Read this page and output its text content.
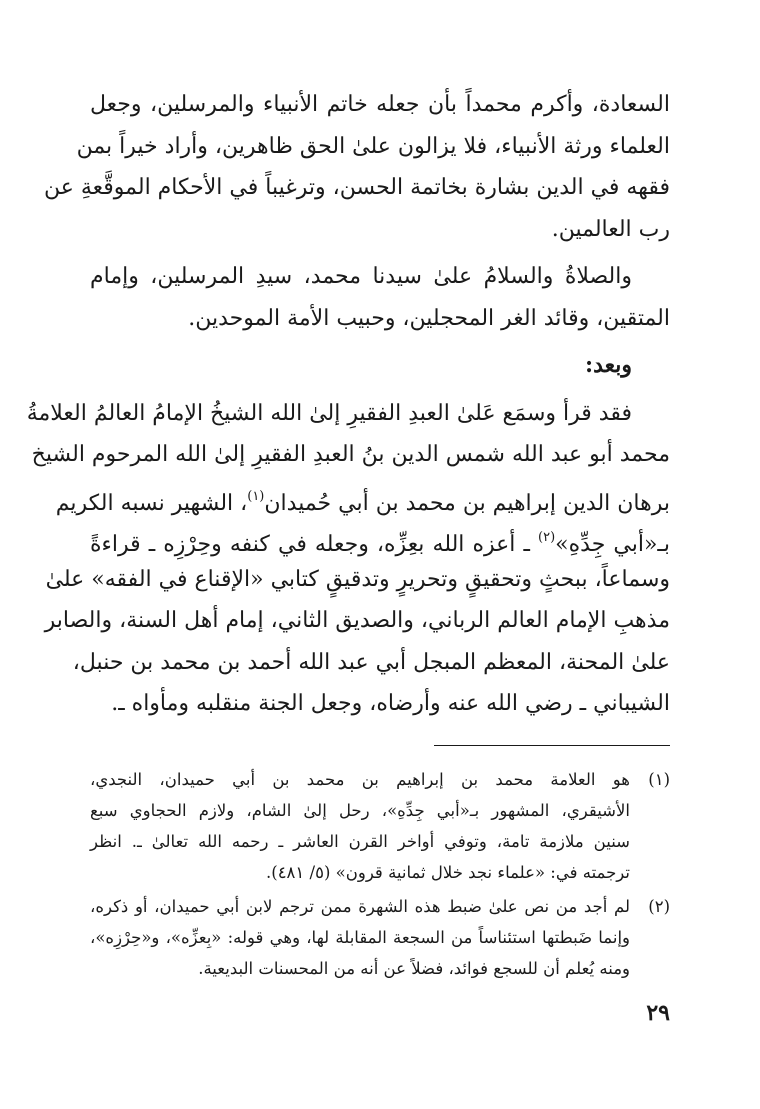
السعادة، وأكرم محمداً بأن جعله خاتم الأنبياء والمرسلين، وجعل
العلماء ورثة الأنبياء، فلا يزالون علىٰ الحق ظاهرين، وأراد خيراً بمن
فقهه في الدين بشارة بخاتمة الحسن، وترغيباً في الأحكام الموقَّعةِ عن
رب العالمين.
والصلاةُ والسلامُ علىٰ سيدنا محمد، سيدِ المرسلين، وإمام
المتقين، وقائد الغر المحجلين، وحبيب الأمة الموحدين.
وبعد:
فقد قرأ وسمَع عَلىٰ العبدِ الفقيرِ إلىٰ الله الشيخُ الإمامُ العالمُ العلامةُ
محمد أبو عبد الله شمس الدين بنُ العبدِ الفقيرِ إلىٰ الله المرحوم الشيخ
برهان الدين إبراهيم بن محمد بن أبي حُميدان$^{(١)}$، الشهير نسبه الكريم
بـ«أبي جِدِّهِ»$^{(٢)}$ ـ أعزه الله بعِزِّه، وجعله في كنفه وحِرْزِه ـ قراءةً
وسماعاً، ببحثٍ وتحقيقٍ وتحريرٍ وتدقيقٍ كتابي «الإقناع في الفقه» علىٰ
مذهبِ الإمام العالم الرباني، والصديق الثاني، إمام أهل السنة، والصابر
علىٰ المحنة، المعظم المبجل أبي عبد الله أحمد بن محمد بن حنبل،
الشيباني ـ رضي الله عنه وأرضاه، وجعل الجنة منقلبه ومأواه ـ.
(١)
هو العلامة محمد بن إبراهيم بن محمد بن أبي حميدان، النجدي،
الأشيقري، المشهور بـ«أبي جِدِّهِ»، رحل إلىٰ الشام، ولازم الحجاوي سبع
سنين ملازمة تامة، وتوفي أواخر القرن العاشر ـ رحمه الله تعالىٰ ـ. انظر
ترجمته في: «علماء نجد خلال ثمانية قرون» (٥/ ٤٨١).
(٢)
لم أجد من نص علىٰ ضبط هذه الشهرة ممن ترجم لابن أبي حميدان، أو ذكره،
وإنما ضَبطتها استئناساً من السجعة المقابلة لها، وهي قوله: «بِعزِّه»، و«حِرْزِه»،
ومنه يُعلم أن للسجع فوائد، فضلاً عن أنه من المحسنات البديعية.
٢٩
